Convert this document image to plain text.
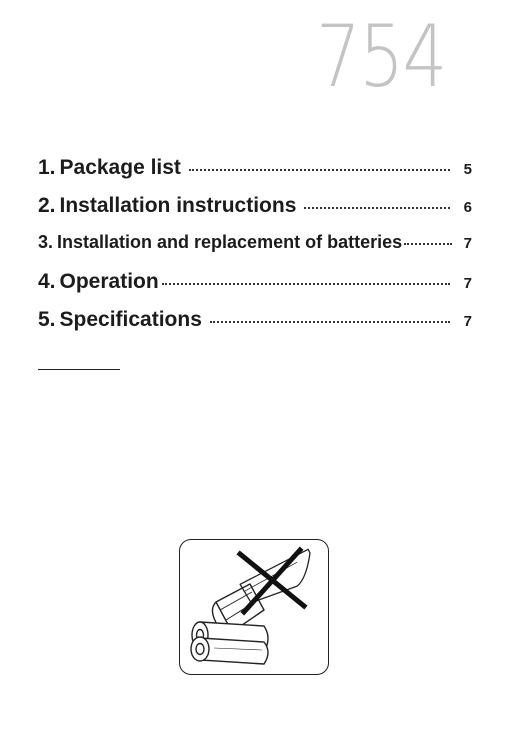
754
1. Package list	5
2. Installation instructions	6
3. Installation and replacement of batteries	7
4. Operation	7
5. Specifications	7
